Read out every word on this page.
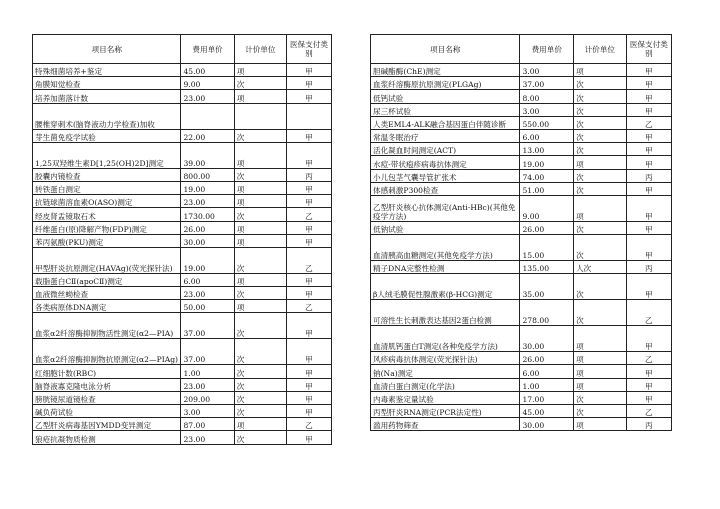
项目名称	费用单价	计价单位	医保支付类别
特殊细菌培养+鉴定	45.00	项	甲
角膜知觉检查	9.00	次	甲
培养加菌落计数	23.00	项	甲
腰椎穿刺术(脑脊液动力学检查)加收			
芽生菌免疫学试验	22.00	次	甲
1,25双羟维生素D[1,25(OH)2D]测定	39.00	项	甲
胶囊内镜检查	800.00	次	丙
转铁蛋白测定	19.00	项	甲
抗链球菌溶血素O(ASO)测定	23.00	项	甲
经皮肾盂镜取石术	1730.00	次	乙
纤维蛋白(原)降解产物(FDP)测定	26.00	项	甲
苯丙氨酸(PKU)测定	30.00	项	甲
甲型肝炎抗原测定(HAVAg)(荧光探针法)	19.00	次	乙
载脂蛋白CⅡ(apoCⅡ)测定	6.00	项	甲
血液微丝蚴检查	23.00	次	甲
各类病原体DNA测定	50.00	项	乙
血浆α2纤溶酶抑制物活性测定(α2—PIA)	37.00	次	甲
血浆α2纤溶酶抑制物抗原测定(α2—PIAg)	37.00	次	甲
红细胞计数(RBC)	1.00	次	甲
脑脊液寡克隆电泳分析	23.00	次	甲
膀胱镜尿道镜检查	209.00	次	甲
碱负荷试验	3.00	次	甲
乙型肝炎病毒基因YMDD变异测定	87.00	项	乙
狼疮抗凝物质检测	23.00	次	甲
项目名称	费用单价	计价单位	医保支付类别
胆碱酯酶(ChE)测定	3.00	项	甲
血浆纤溶酶原抗原测定(PLGAg)	37.00	次	甲
低钙试验	8.00	次	甲
尿三杯试验	3.00	次	甲
人类EML4-ALK融合基因蛋白伴随诊断	550.00	次	乙
常温冬眠治疗	6.00	次	甲
活化凝血时间测定(ACT)	13.00	次	甲
水痘-带状疱疹病毒抗体测定	19.00	项	甲
小儿包茎气囊导管扩张术	74.00	次	丙
体感刺激P300检查	51.00	次	甲
乙型肝炎核心抗体测定(Anti-HBc)(其他免疫学方法)	9.00	项	甲
低钠试验	26.00	次	甲
血清胰高血糖测定(其他免疫学方法)	15.00	次	甲
精子DNA完整性检测	135.00	人次	丙
β人绒毛膜促性腺激素(β-HCG)测定	35.00	次	甲
可溶性生长刺激表达基因2蛋白检测	278.00	次	乙
血清肌钙蛋白T测定(各种免疫学方法)	30.00	项	甲
风疹病毒抗体测定(荧光探针法)	26.00	项	乙
钠(Na)测定	6.00	项	甲
血清白蛋白测定(化学法)	1.00	项	甲
内毒素鉴定量试验	17.00	次	甲
丙型肝炎RNA测定(PCR法定性)	45.00	次	乙
滥用药物筛查	30.00	项	丙
